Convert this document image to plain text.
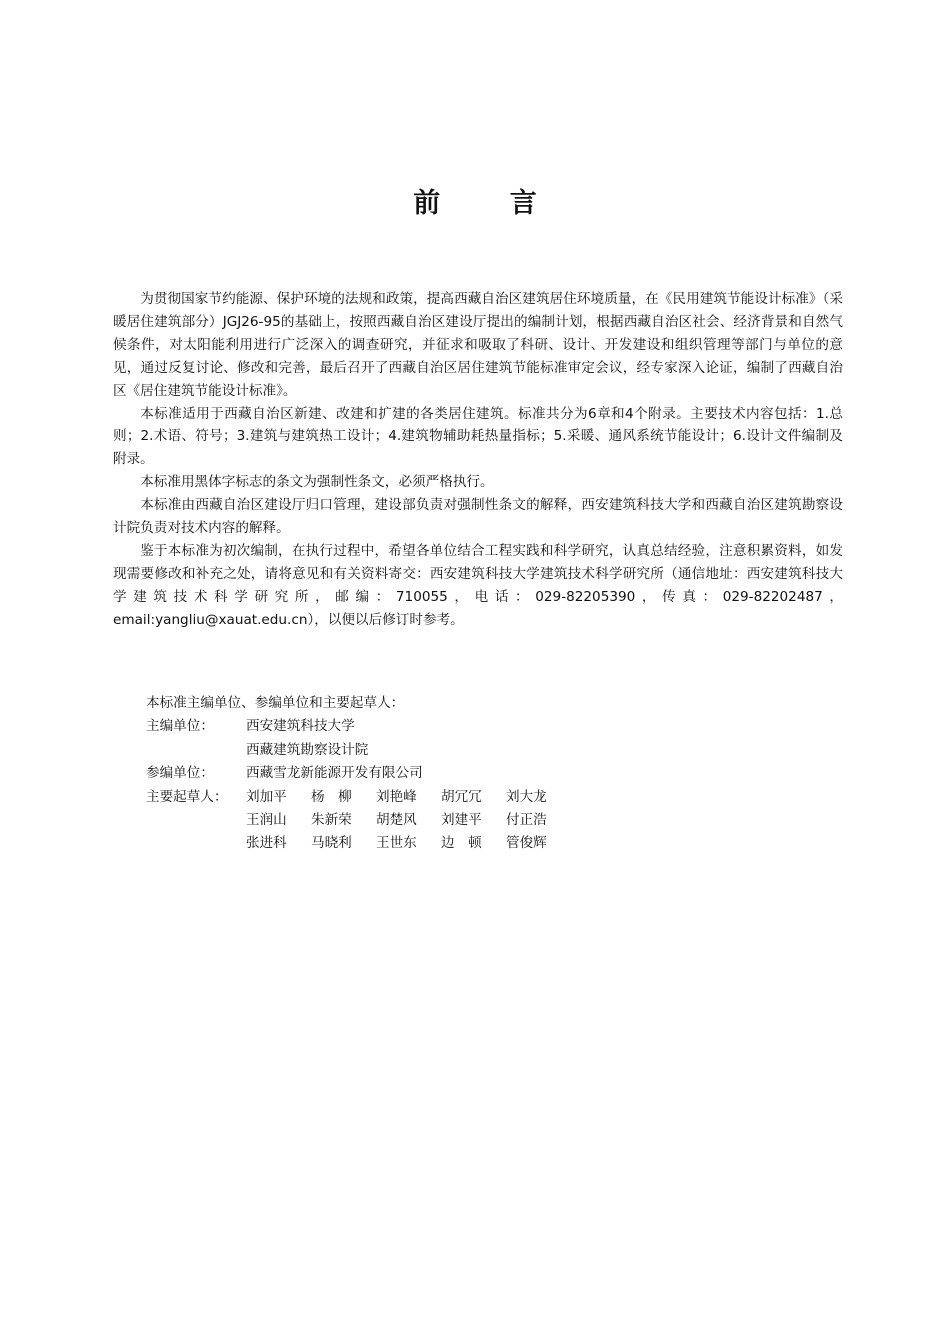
前 言

为贯彻国家节约能源、保护环境的法规和政策，提高西藏自治区建筑居住环境质量，在《民用建筑节能设计标准》（采暖居住建筑部分）JGJ26-95的基础上，按照西藏自治区建设厅提出的编制计划，根据西藏自治区社会、经济背景和自然气候条件，对太阳能利用进行广泛深入的调查研究，并征求和吸取了科研、设计、开发建设和组织管理等部门与单位的意见，通过反复讨论、修改和完善，最后召开了西藏自治区居住建筑节能标准审定会议，经专家深入论证，编制了西藏自治区《居住建筑节能设计标准》。

本标准适用于西藏自治区新建、改建和扩建的各类居住建筑。标准共分为6章和4个附录。主要技术内容包括：1.总则；2.术语、符号；3.建筑与建筑热工设计；4.建筑物辅助耗热量指标；5.采暖、通风系统节能设计；6.设计文件编制及附录。

本标准用黑体字标志的条文为强制性条文，必须严格执行。

本标准由西藏自治区建设厅归口管理，建设部负责对强制性条文的解释，西安建筑科技大学和西藏自治区建筑勘察设计院负责对技术内容的解释。

鉴于本标准为初次编制，在执行过程中，希望各单位结合工程实践和科学研究，认真总结经验，注意积累资料，如发现需要修改和补充之处，请将意见和有关资料寄交：西安建筑科技大学建筑技术科学研究所（通信地址：西安建筑科技大学建筑技术科学研究所，邮编：710055，电话：029-82205390，传真：029-82202487，email:yangliu@xauat.edu.cn），以便以后修订时参考。

本标准主编单位、参编单位和主要起草人：

主编单位：	西安建筑科技大学
西藏建筑勘察设计院
参编单位：	西藏雪龙新能源开发有限公司
主要起草人：	刘加平	杨　柳	刘艳峰	胡冗冗	刘大龙
王润山	朱新荣	胡楚风	刘建平	付正浩
张进科	马晓利	王世东	边　顿	管俊辉
